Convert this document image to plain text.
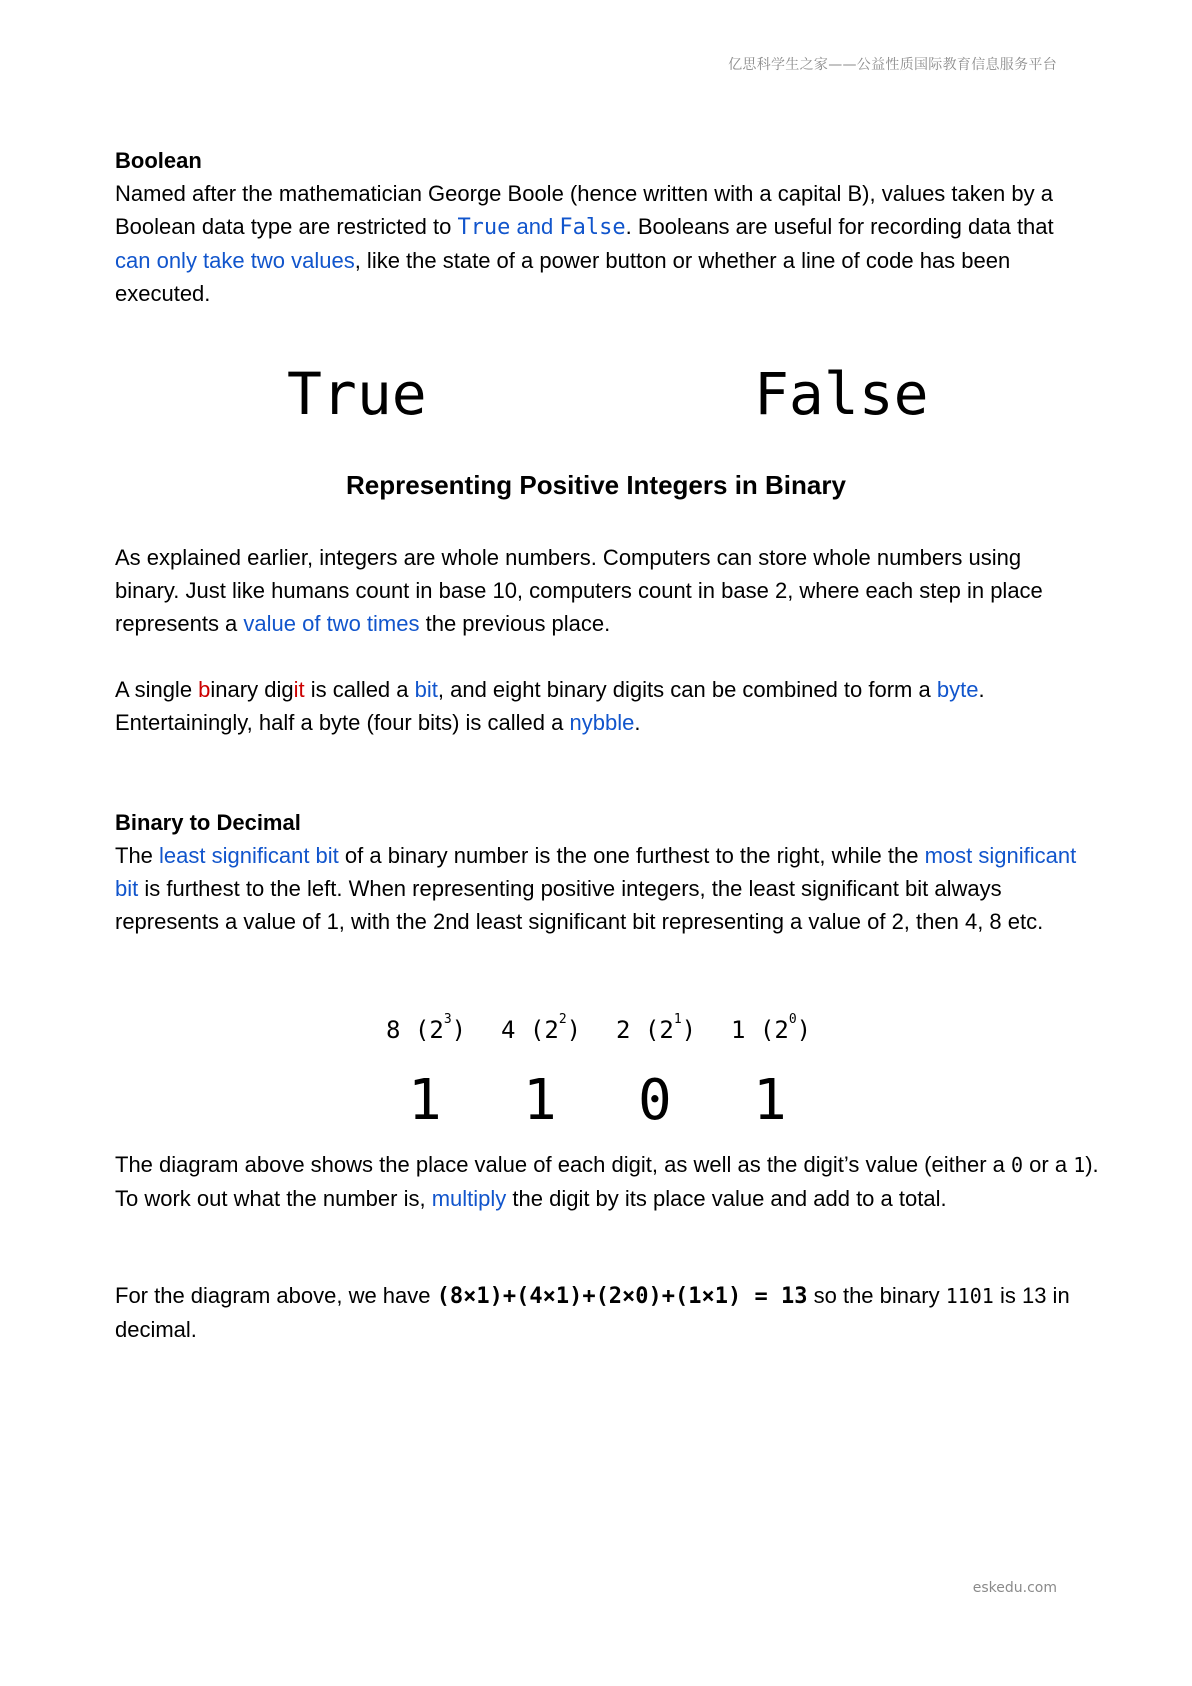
亿思科学生之家——公益性质国际教育信息服务平台

Boolean

Named after the mathematician George Boole (hence written with a capital B), values taken by a Boolean data type are restricted to True and False. Booleans are useful for recording data that can only take two values, like the state of a power button or whether a line of code has been executed.

True	False
Representing Positive Integers in Binary

As explained earlier, integers are whole numbers. Computers can store whole numbers using binary. Just like humans count in base 10, computers count in base 2, where each step in place represents a value of two times the previous place.

A single binary digit is called a bit, and eight binary digits can be combined to form a byte.
Entertainingly, half a byte (four bits) is called a nybble.

Binary to Decimal

The least significant bit of a binary number is the one furthest to the right, while the most significant bit is furthest to the left. When representing positive integers, the least significant bit always represents a value of 1, with the 2nd least significant bit representing a value of 2, then 4, 8 etc.

8 $(2^3)$ 4 $(2^2)$ 2 $(2^1)$ 1 $(2^0)$
1 1 0 1

The diagram above shows the place value of each digit, as well as the digit’s value (either a 0 or a 1). To work out what the number is, multiply the digit by its place value and add to a total.

For the diagram above, we have (8×1)+(4×1)+(2×0)+(1×1) = 13 so the binary 1101 is 13 in decimal.

eskedu.com
